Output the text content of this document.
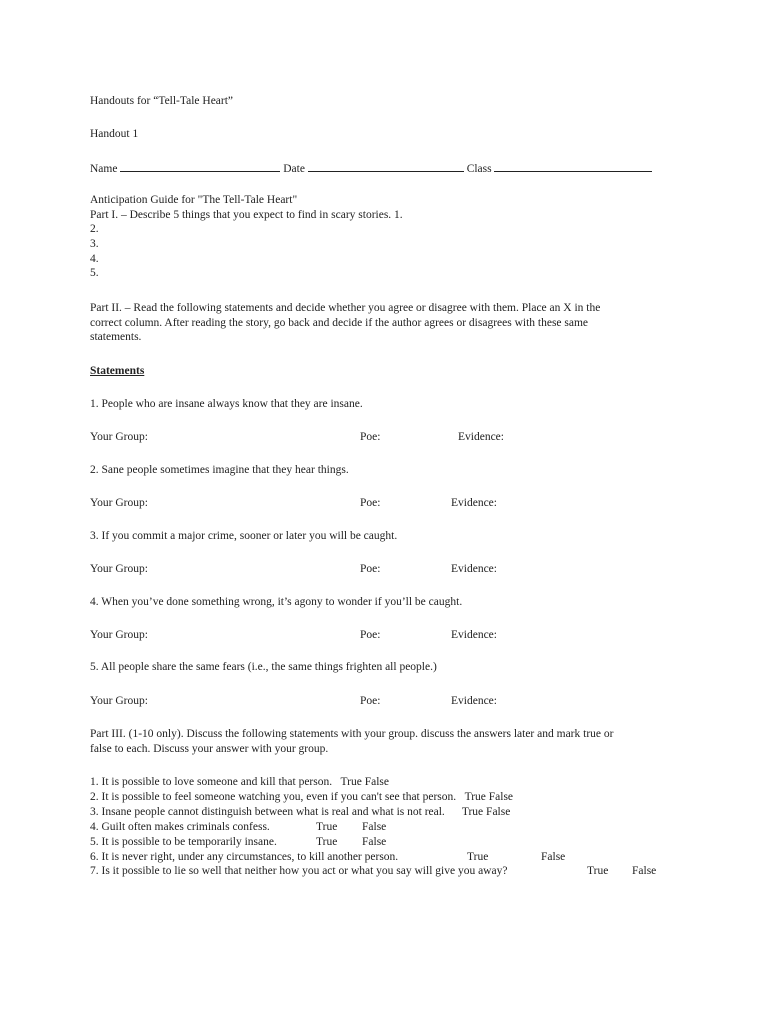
Handouts for “Tell-Tale Heart”
Handout 1
Name	Date	Class
Anticipation Guide for "The Tell-Tale Heart"
Part I. – Describe 5 things that you expect to find in scary stories. 1.
2.
3.
4.
5.
Part II. – Read the following statements and decide whether you agree or disagree with them. Place an X in the
correct column. After reading the story, go back and decide if the author agrees or disagrees with these same
statements.
Statements
1. People who are insane always know that they are insane.
Your Group:	Poe:	Evidence:
2. Sane people sometimes imagine that they hear things.
Your Group:	Poe:	Evidence:
3. If you commit a major crime, sooner or later you will be caught.
Your Group:	Poe:	Evidence:
4. When you’ve done something wrong, it’s agony to wonder if you’ll be caught.
Your Group:	Poe:	Evidence:
5. All people share the same fears (i.e., the same things frighten all people.)
Your Group:	Poe:	Evidence:
Part III. (1-10 only). Discuss the following statements with your group. discuss the answers later and mark true or
false to each. Discuss your answer with your group.
1. It is possible to love someone and kill that person. True False
2. It is possible to feel someone watching you, even if you can't see that person. True False
3. Insane people cannot distinguish between what is real and what is not real. True False
4. Guilt often makes criminals confess.	True False
5. It is possible to be temporarily insane.	True False
6. It is never right, under any circumstances, to kill another person.	True	False
7. Is it possible to lie so well that neither how you act or what you say will give you away?	True False
